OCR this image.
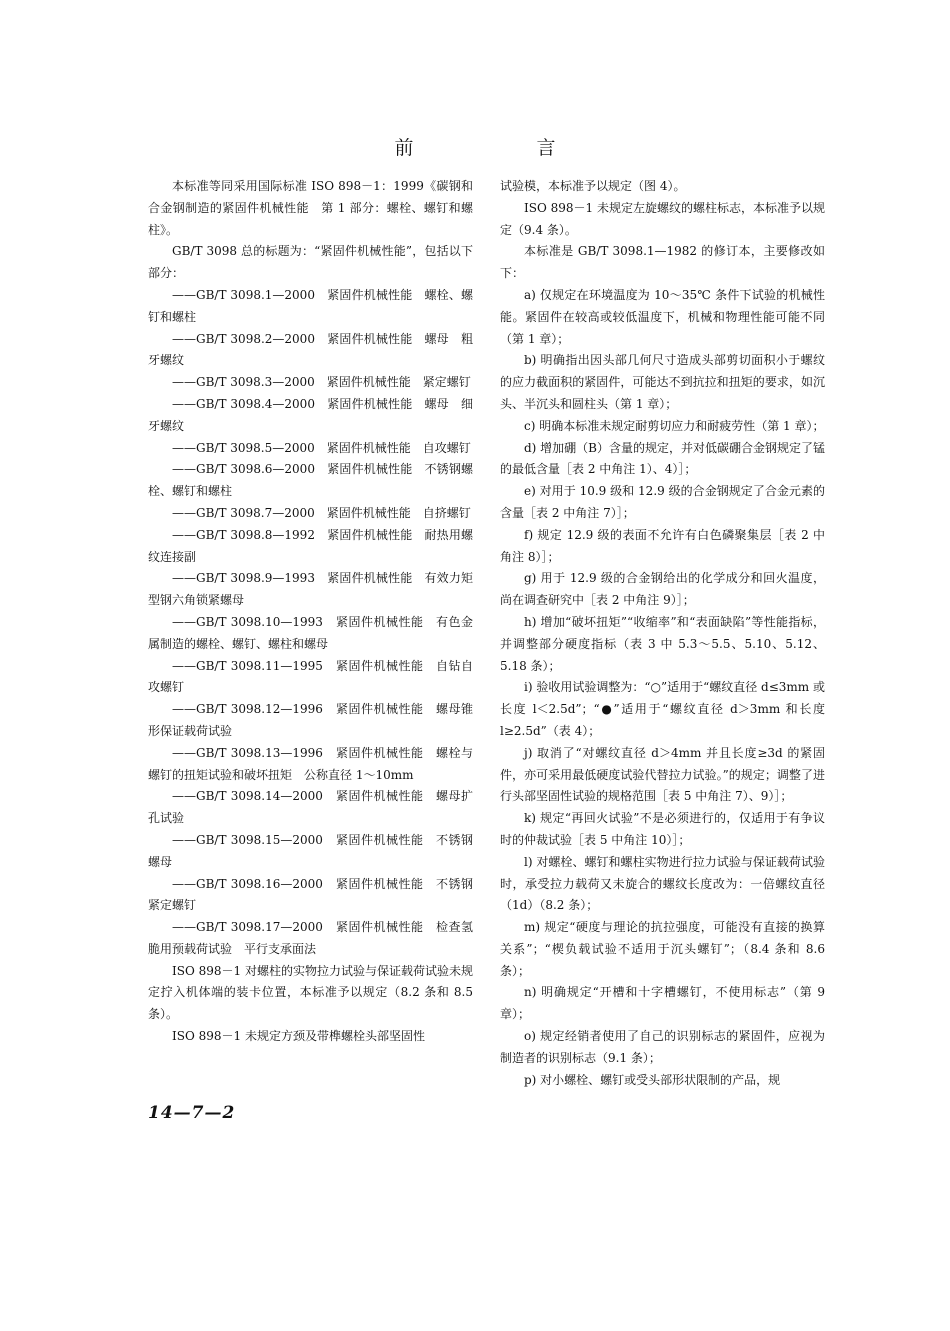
前　言

本标准等同采用国际标准 ISO 898－1：1999《碳钢和合金钢制造的紧固件机械性能　第 1 部分：螺栓、螺钉和螺柱》。

GB/T 3098 总的标题为：“紧固件机械性能”，包括以下部分：

——GB/T 3098.1—2000　紧固件机械性能　螺栓、螺钉和螺柱

——GB/T 3098.2—2000　紧固件机械性能　螺母　粗牙螺纹

——GB/T 3098.3—2000　紧固件机械性能　紧定螺钉

——GB/T 3098.4—2000　紧固件机械性能　螺母　细牙螺纹

——GB/T 3098.5—2000　紧固件机械性能　自攻螺钉

——GB/T 3098.6—2000　紧固件机械性能　不锈钢螺栓、螺钉和螺柱

——GB/T 3098.7—2000　紧固件机械性能　自挤螺钉

——GB/T 3098.8—1992　紧固件机械性能　耐热用螺纹连接副

——GB/T 3098.9—1993　紧固件机械性能　有效力矩型钢六角锁紧螺母

——GB/T 3098.10—1993　紧固件机械性能　有色金属制造的螺栓、螺钉、螺柱和螺母

——GB/T 3098.11—1995　紧固件机械性能　自钻自攻螺钉

——GB/T 3098.12—1996　紧固件机械性能　螺母锥形保证载荷试验

——GB/T 3098.13—1996　紧固件机械性能　螺栓与螺钉的扭矩试验和破坏扭矩　公称直径 1～10mm

——GB/T 3098.14—2000　紧固件机械性能　螺母扩孔试验

——GB/T 3098.15—2000　紧固件机械性能　不锈钢螺母

——GB/T 3098.16—2000　紧固件机械性能　不锈钢紧定螺钉

——GB/T 3098.17—2000　紧固件机械性能　检查氢脆用预载荷试验　平行支承面法

ISO 898－1 对螺柱的实物拉力试验与保证载荷试验未规定拧入机体端的装卡位置，本标准予以规定（8.2 条和 8.5 条）。

ISO 898－1 未规定方颈及带榫螺栓头部坚固性

试验模，本标准予以规定（图 4）。

ISO 898－1 未规定左旋螺纹的螺柱标志，本标准予以规定（9.4 条）。

本标准是 GB/T 3098.1—1982 的修订本，主要修改如下：

a) 仅规定在环境温度为 10～35℃ 条件下试验的机械性能。紧固件在较高或较低温度下，机械和物理性能可能不同（第 1 章）；

b) 明确指出因头部几何尺寸造成头部剪切面积小于螺纹的应力截面积的紧固件，可能达不到抗拉和扭矩的要求，如沉头、半沉头和圆柱头（第 1 章）；

c) 明确本标准未规定耐剪切应力和耐疲劳性（第 1 章）；

d) 增加硼（B）含量的规定，并对低碳硼合金钢规定了锰的最低含量［表 2 中角注 1）、4）］；

e) 对用于 10.9 级和 12.9 级的合金钢规定了合金元素的含量［表 2 中角注 7）］；

f) 规定 12.9 级的表面不允许有白色磷聚集层［表 2 中角注 8）］；

g) 用于 12.9 级的合金钢给出的化学成分和回火温度，尚在调查研究中［表 2 中角注 9）］；

h) 增加“破坏扭矩”“收缩率”和“表面缺陷”等性能指标，并调整部分硬度指标（表 3 中 5.3～5.5、5.10、5.12、5.18 条）；

i) 验收用试验调整为：“○”适用于“螺纹直径 d≤3mm 或长度 l＜2.5d”；“●”适用于“螺纹直径 d＞3mm 和长度 l≥2.5d”（表 4）；

j) 取消了“对螺纹直径 d＞4mm 并且长度≥3d 的紧固件，亦可采用最低硬度试验代替拉力试验。”的规定；调整了进行头部坚固性试验的规格范围［表 5 中角注 7）、9）］；

k) 规定“再回火试验”不是必须进行的，仅适用于有争议时的仲裁试验［表 5 中角注 10）］；

l) 对螺栓、螺钉和螺柱实物进行拉力试验与保证载荷试验时，承受拉力载荷又未旋合的螺纹长度改为：一倍螺纹直径（1d）（8.2 条）；

m) 规定“硬度与理论的抗拉强度，可能没有直接的换算关系”；“楔负载试验不适用于沉头螺钉”；（8.4 条和 8.6 条）；

n) 明确规定“开槽和十字槽螺钉，不使用标志”（第 9 章）；

o) 规定经销者使用了自己的识别标志的紧固件，应视为制造者的识别标志（9.1 条）；

p) 对小螺栓、螺钉或受头部形状限制的产品，规

14—7—2
